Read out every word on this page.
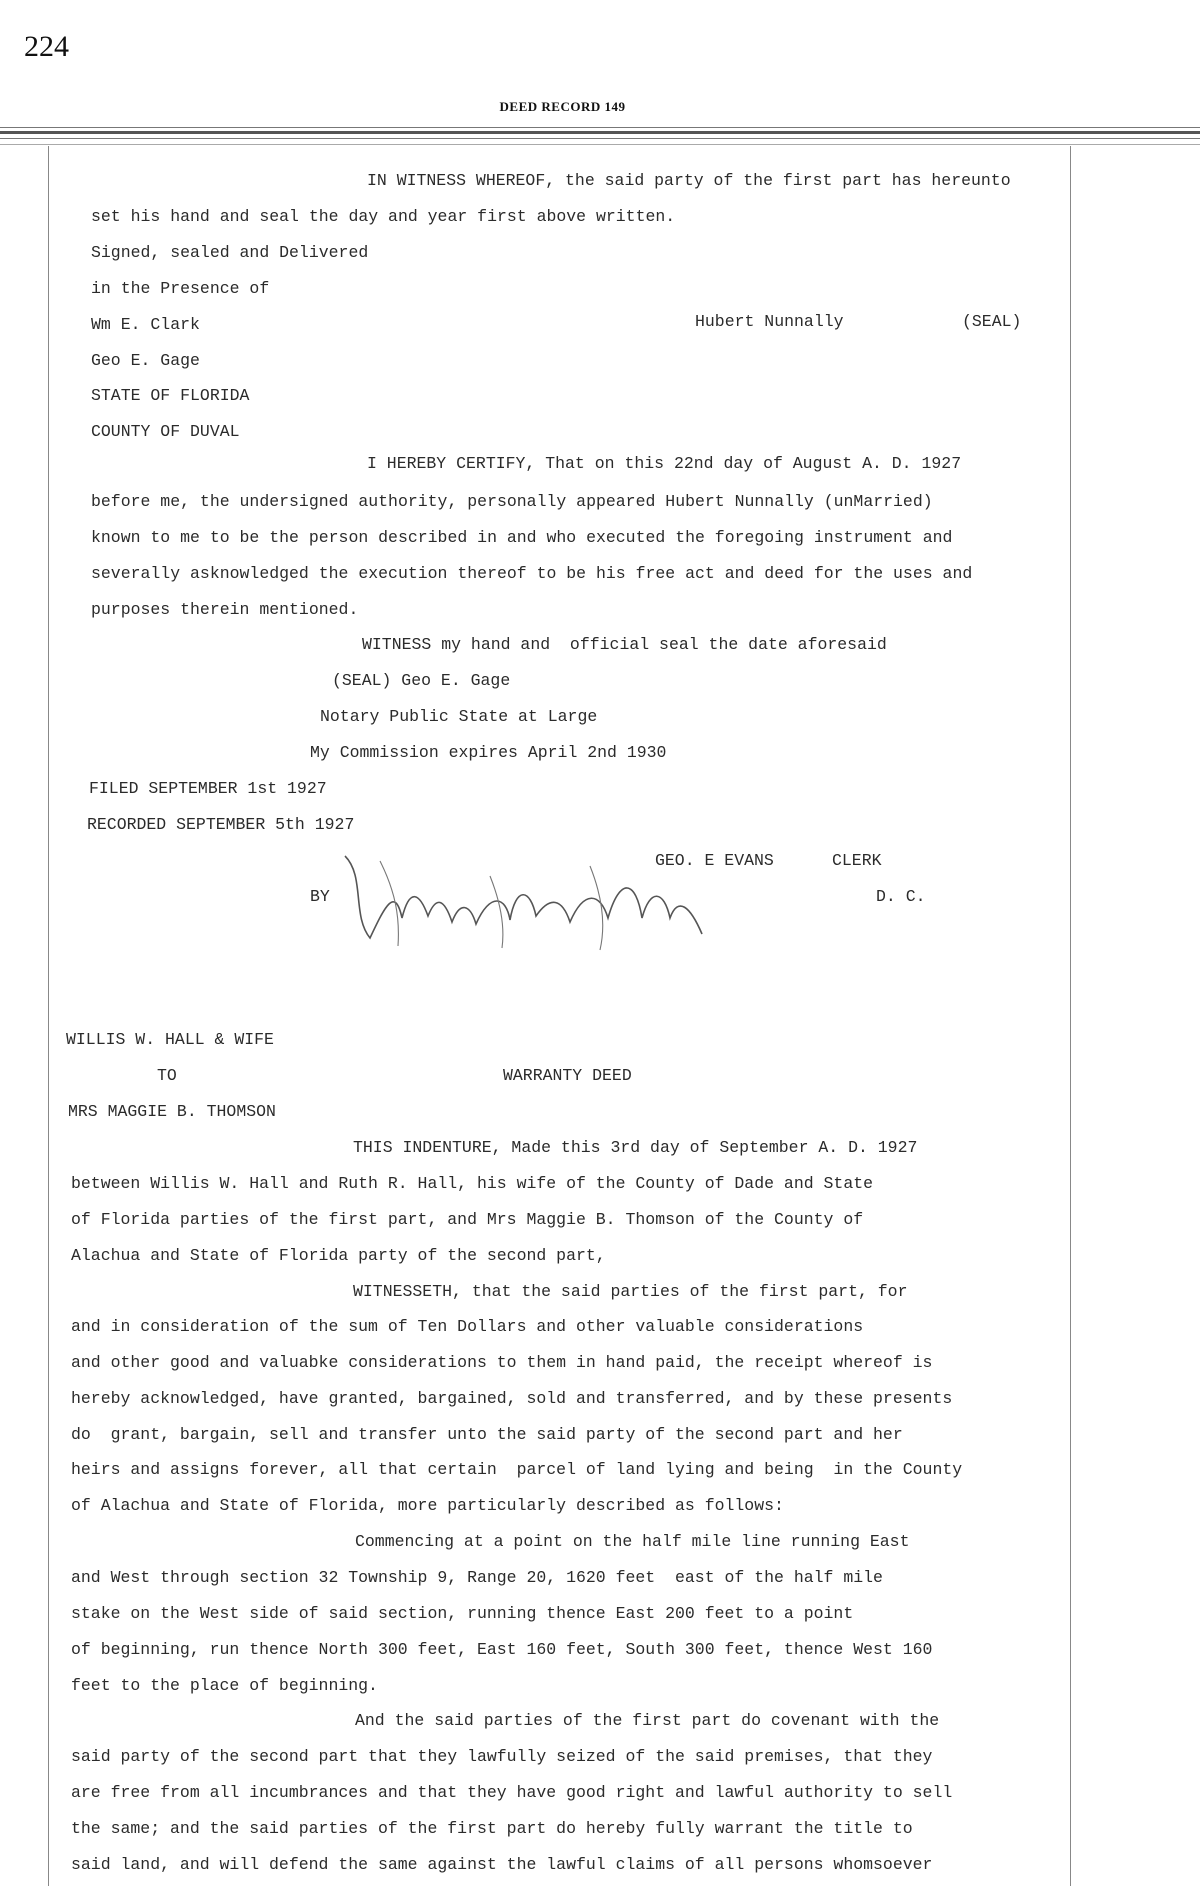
224
DEED RECORD 149
IN WITNESS WHEREOF, the said party of the first part has hereunto
set his hand and seal the day and year first above written.
Signed, sealed and Delivered
in the Presence of
Wm E. Clark	Hubert Nunnally	(SEAL)
Geo E. Gage
STATE OF FLORIDA
COUNTY OF DUVAL
I HEREBY CERTIFY, That on this 22nd day of August A. D. 1927
before me, the undersigned authority, personally appeared Hubert Nunnally (unMarried)
known to me to be the person described in and who executed the foregoing instrument and
severally asknowledged the execution thereof to be his free act and deed for the uses and
purposes therein mentioned.
WITNESS my hand and  official seal the date aforesaid
(SEAL) Geo E. Gage
Notary Public State at Large
My Commission expires April 2nd 1930
FILED SEPTEMBER 1st 1927
RECORDED SEPTEMBER 5th 1927
GEO. E EVANS	CLERK
BY	D. C.
WILLIS W. HALL & WIFE
TO	WARRANTY DEED
MRS MAGGIE B. THOMSON
THIS INDENTURE, Made this 3rd day of September A. D. 1927
between Willis W. Hall and Ruth R. Hall, his wife of the County of Dade and State
of Florida parties of the first part, and Mrs Maggie B. Thomson of the County of
Alachua and State of Florida party of the second part,
WITNESSETH, that the said parties of the first part, for
and in consideration of the sum of Ten Dollars and other valuable considerations
and other good and valuabke considerations to them in hand paid, the receipt whereof is
hereby acknowledged, have granted, bargained, sold and transferred, and by these presents
do  grant, bargain, sell and transfer unto the said party of the second part and her
heirs and assigns forever, all that certain  parcel of land lying and being  in the County
of Alachua and State of Florida, more particularly described as follows:
Commencing at a point on the half mile line running East
and West through section 32 Township 9, Range 20, 1620 feet  east of the half mile
stake on the West side of said section, running thence East 200 feet to a point
of beginning, run thence North 300 feet, East 160 feet, South 300 feet, thence West 160
feet to the place of beginning.
And the said parties of the first part do covenant with the
said party of the second part that they lawfully seized of the said premises, that they
are free from all incumbrances and that they have good right and lawful authority to sell
the same; and the said parties of the first part do hereby fully warrant the title to
said land, and will defend the same against the lawful claims of all persons whomsoever
